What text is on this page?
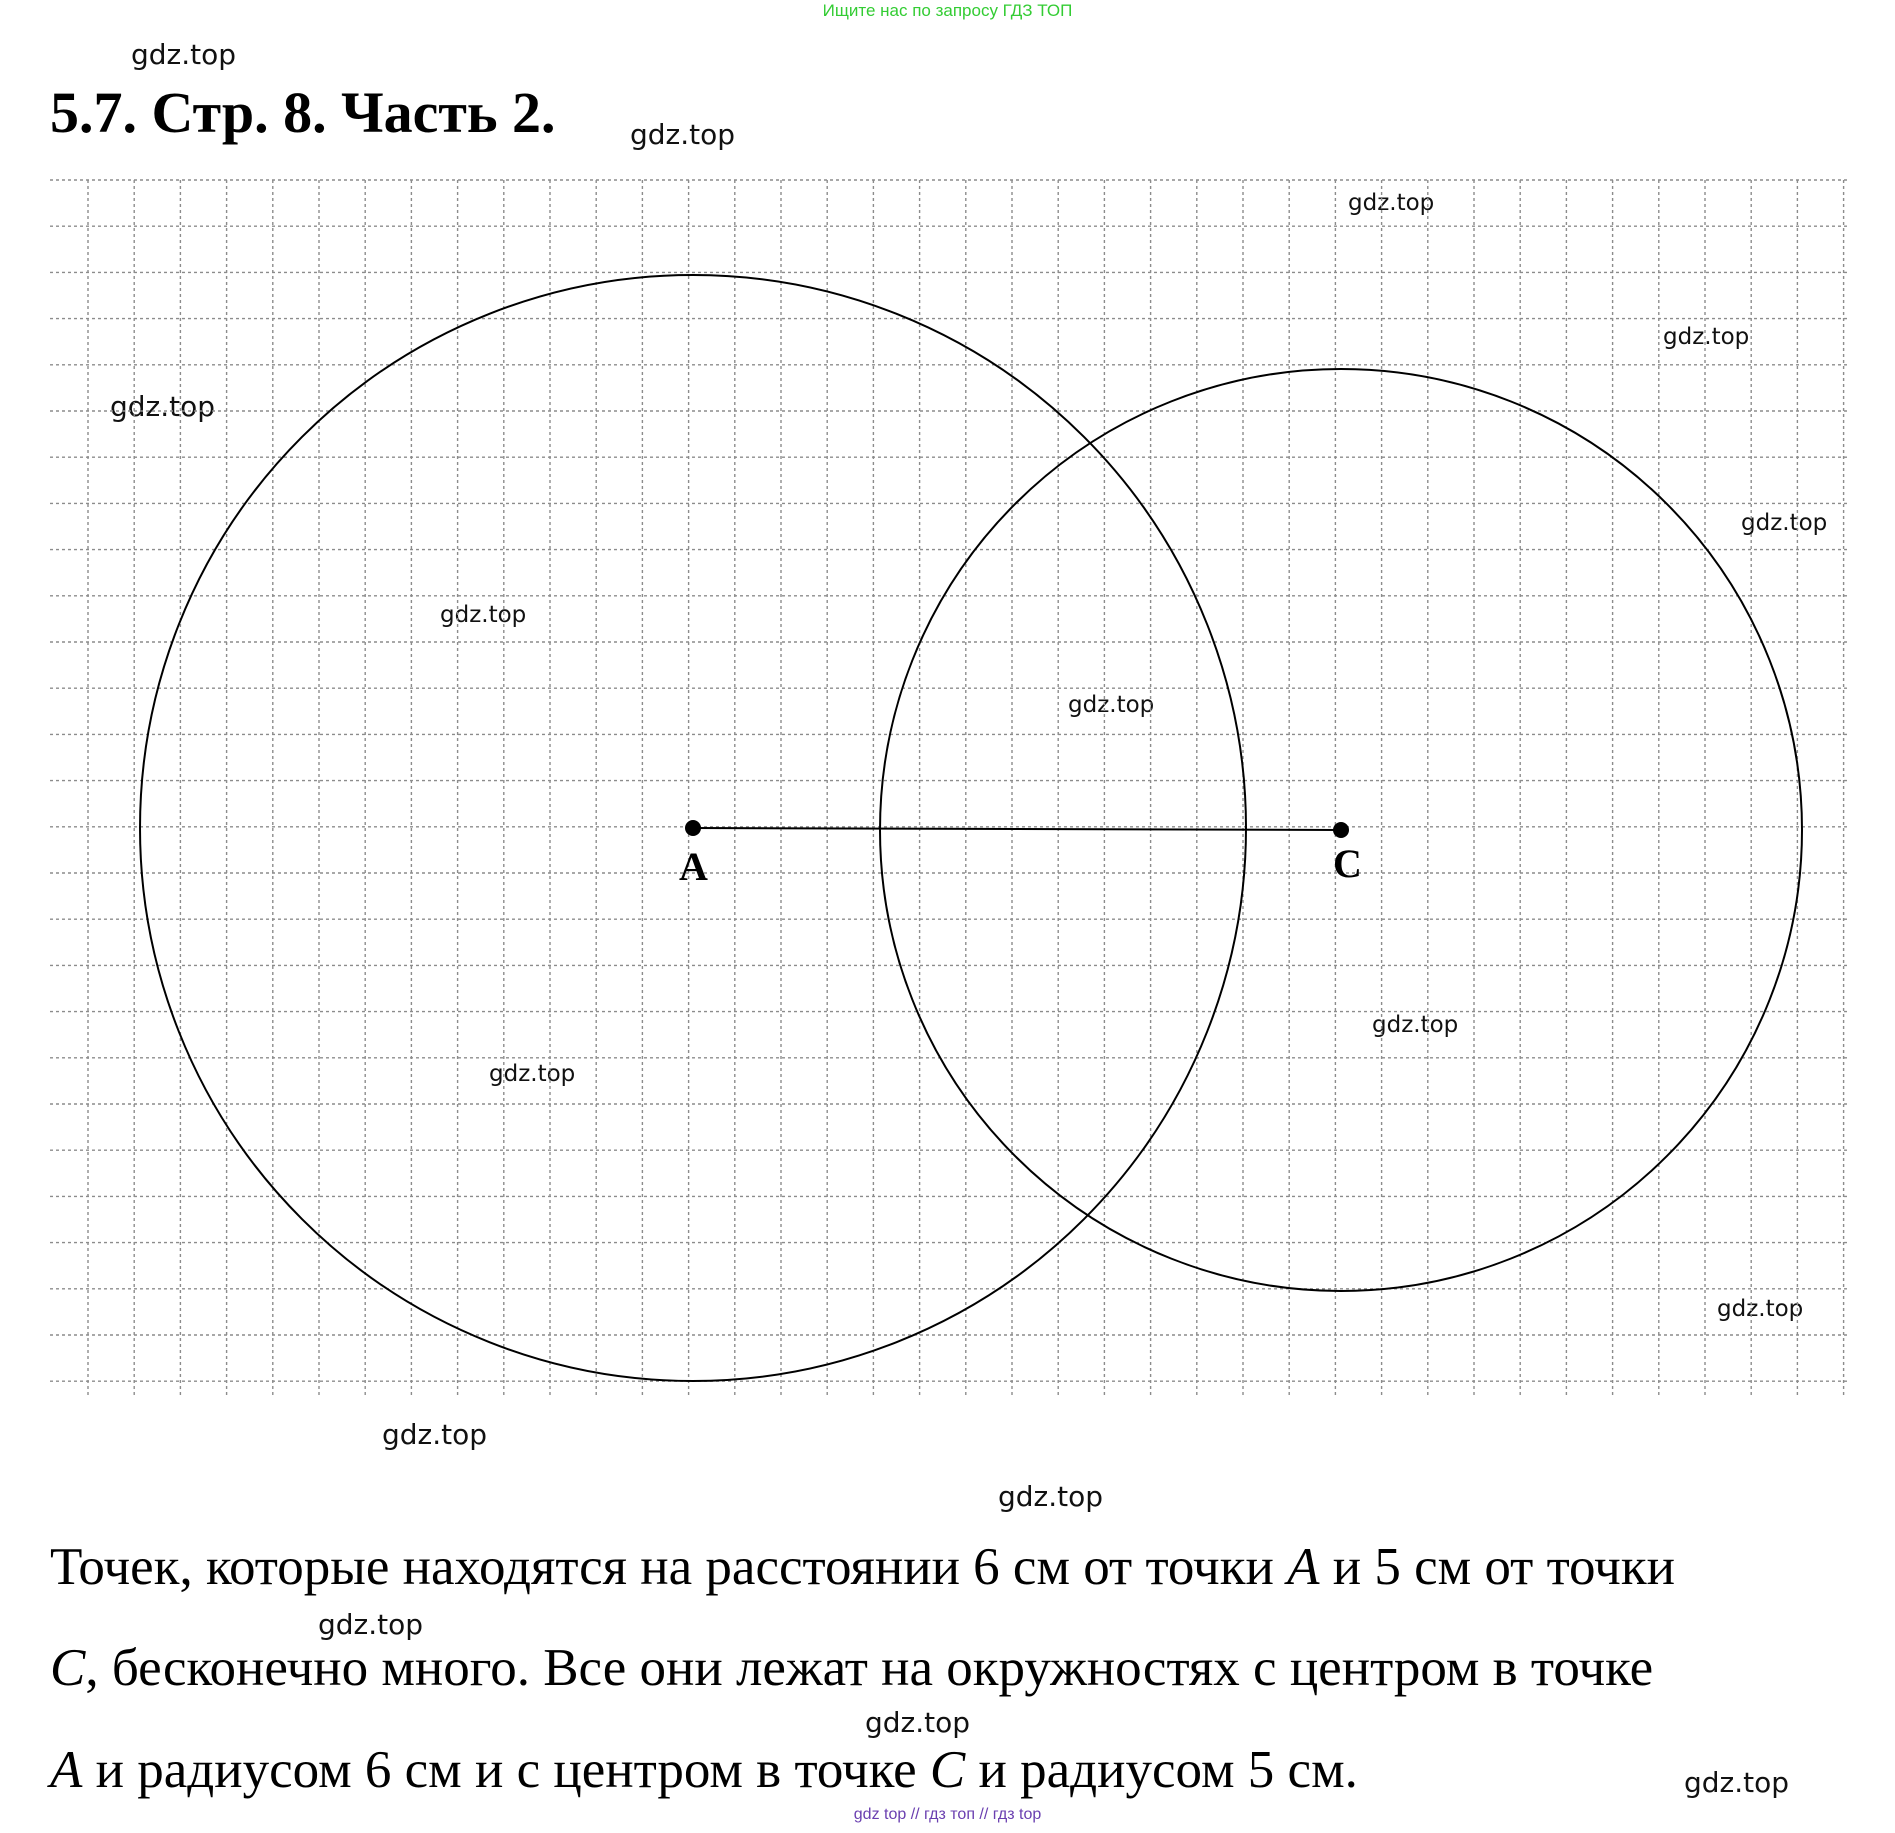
Ищите нас по запросу ГДЗ ТОП
gdz.top
gdz.top
gdz.top
gdz.top
gdz.top
gdz.top
gdz.top
gdz.top
gdz.top
gdz.top
gdz.top
gdz.top
gdz.top
gdz.top
gdz.top
gdz.top
5.7. Стр. 8. Часть 2.
A	C
Точек, которые находятся на расстоянии 6 см от точки A и 5 см от точки
C, бесконечно много. Все они лежат на окружностях с центром в точке
A и радиусом 6 см и с центром в точке C и радиусом 5 см.
gdz top // гдз топ // гдз top
